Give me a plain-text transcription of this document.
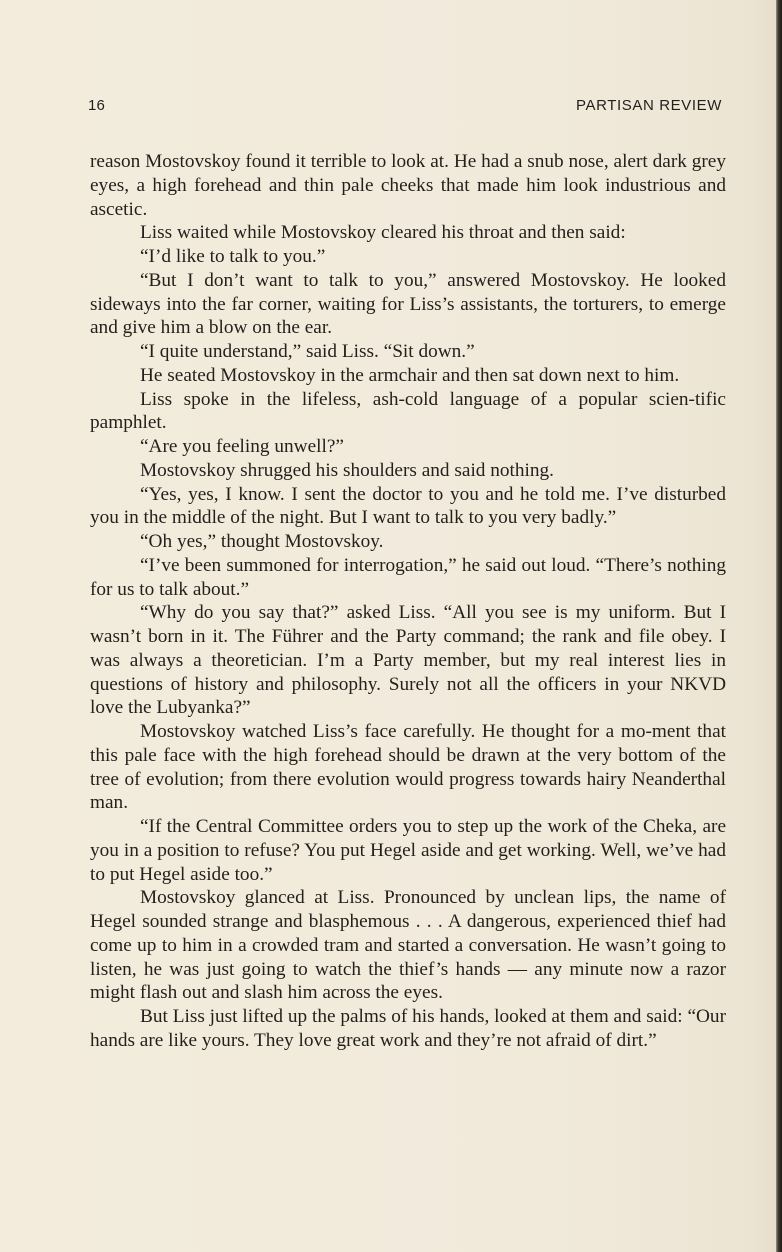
16	PARTISAN REVIEW

reason Mostovskoy found it terrible to look at. He had a snub nose, alert dark grey eyes, a high forehead and thin pale cheeks that made him look industrious and ascetic.

Liss waited while Mostovskoy cleared his throat and then said:

“I’d like to talk to you.”

“But I don’t want to talk to you,” answered Mostovskoy. He looked sideways into the far corner, waiting for Liss’s assistants, the torturers, to emerge and give him a blow on the ear.

“I quite understand,” said Liss. “Sit down.”

He seated Mostovskoy in the armchair and then sat down next to him.

Liss spoke in the lifeless, ash-cold language of a popular scien-tific pamphlet.

“Are you feeling unwell?”

Mostovskoy shrugged his shoulders and said nothing.

“Yes, yes, I know. I sent the doctor to you and he told me. I’ve disturbed you in the middle of the night. But I want to talk to you very badly.”

“Oh yes,” thought Mostovskoy.

“I’ve been summoned for interrogation,” he said out loud. “There’s nothing for us to talk about.”

“Why do you say that?” asked Liss. “All you see is my uniform. But I wasn’t born in it. The Führer and the Party command; the rank and file obey. I was always a theoretician. I’m a Party member, but my real interest lies in questions of history and philosophy. Surely not all the officers in your NKVD love the Lubyanka?”

Mostovskoy watched Liss’s face carefully. He thought for a mo-ment that this pale face with the high forehead should be drawn at the very bottom of the tree of evolution; from there evolution would progress towards hairy Neanderthal man.

“If the Central Committee orders you to step up the work of the Cheka, are you in a position to refuse? You put Hegel aside and get working. Well, we’ve had to put Hegel aside too.”

Mostovskoy glanced at Liss. Pronounced by unclean lips, the name of Hegel sounded strange and blasphemous . . . A dangerous, experienced thief had come up to him in a crowded tram and started a conversation. He wasn’t going to listen, he was just going to watch the thief’s hands — any minute now a razor might flash out and slash him across the eyes.

But Liss just lifted up the palms of his hands, looked at them and said: “Our hands are like yours. They love great work and they’re not afraid of dirt.”
